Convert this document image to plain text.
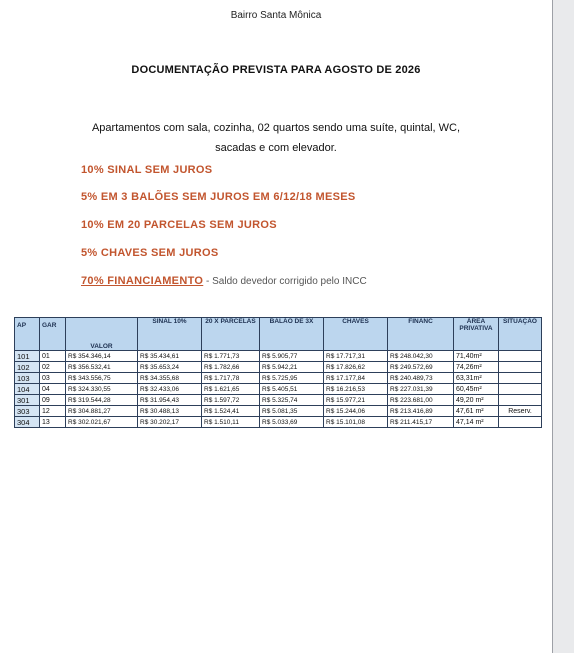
Bairro Santa Mônica
DOCUMENTAÇÃO PREVISTA PARA AGOSTO DE 2026
Apartamentos com sala, cozinha, 02 quartos sendo uma suíte, quintal, WC, sacadas e com elevador.
10% SINAL SEM JUROS
5% EM 3 BALÕES SEM JUROS EM 6/12/18 MESES
10% EM 20 PARCELAS SEM JUROS
5% CHAVES SEM JUROS
70% FINANCIAMENTO - Saldo devedor corrigido pelo INCC
AP	GAR	VALOR	SINAL 10%	20 X PARCELAS	BALÃO DE 3X	CHAVES	FINANC	ÁREA PRIVATIVA	SITUAÇÃO
101	01	R$ 354.346,14	R$ 35.434,61	R$ 1.771,73	R$ 5.905,77	R$ 17.717,31	R$ 248.042,30	71,40m²	
102	02	R$ 356.532,41	R$ 35.653,24	R$ 1.782,66	R$ 5.942,21	R$ 17.826,62	R$ 249.572,69	74,26m²	
103	03	R$ 343.556,75	R$ 34.355,68	R$ 1.717,78	R$ 5.725,95	R$ 17.177,84	R$ 240.489,73	63,31m²	
104	04	R$ 324.330,55	R$ 32.433,06	R$ 1.621,65	R$ 5.405,51	R$ 16.216,53	R$ 227.031,39	60,45m²	
301	09	R$ 319.544,28	R$ 31.954,43	R$ 1.597,72	R$ 5.325,74	R$ 15.977,21	R$ 223.681,00	49,20 m²	
303	12	R$ 304.881,27	R$ 30.488,13	R$ 1.524,41	R$ 5.081,35	R$ 15.244,06	R$ 213.416,89	47,61 m²	Reserv.
304	13	R$ 302.021,67	R$ 30.202,17	R$ 1.510,11	R$ 5.033,69	R$ 15.101,08	R$ 211.415,17	47,14 m²	
